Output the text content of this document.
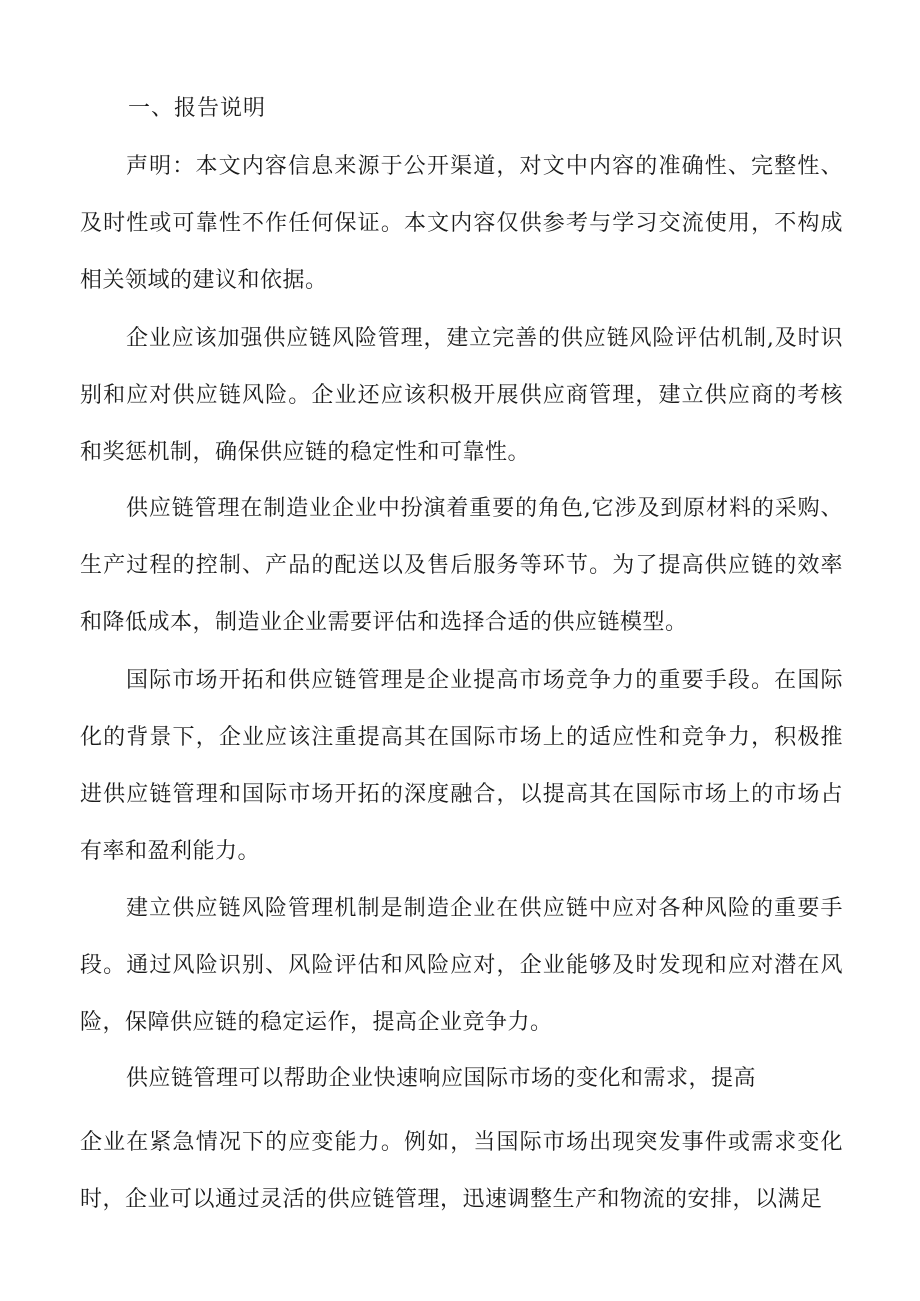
一、报告说明

声明：本文内容信息来源于公开渠道，对文中内容的准确性、完整性、及时性或可靠性不作任何保证。本文内容仅供参考与学习交流使用，不构成相关领域的建议和依据。

企业应该加强供应链风险管理，建立完善的供应链风险评估机制,及时识别和应对供应链风险。企业还应该积极开展供应商管理，建立供应商的考核和奖惩机制，确保供应链的稳定性和可靠性。

供应链管理在制造业企业中扮演着重要的角色,它涉及到原材料的采购、生产过程的控制、产品的配送以及售后服务等环节。为了提高供应链的效率和降低成本，制造业企业需要评估和选择合适的供应链模型。

国际市场开拓和供应链管理是企业提高市场竞争力的重要手段。在国际化的背景下，企业应该注重提高其在国际市场上的适应性和竞争力，积极推进供应链管理和国际市场开拓的深度融合，以提高其在国际市场上的市场占有率和盈利能力。

建立供应链风险管理机制是制造企业在供应链中应对各种风险的重要手段。通过风险识别、风险评估和风险应对，企业能够及时发现和应对潜在风险，保障供应链的稳定运作，提高企业竞争力。

供应链管理可以帮助企业快速响应国际市场的变化和需求，提高

企业在紧急情况下的应变能力。例如，当国际市场出现突发事件或需求变化时，企业可以通过灵活的供应链管理，迅速调整生产和物流的安排，以满足
